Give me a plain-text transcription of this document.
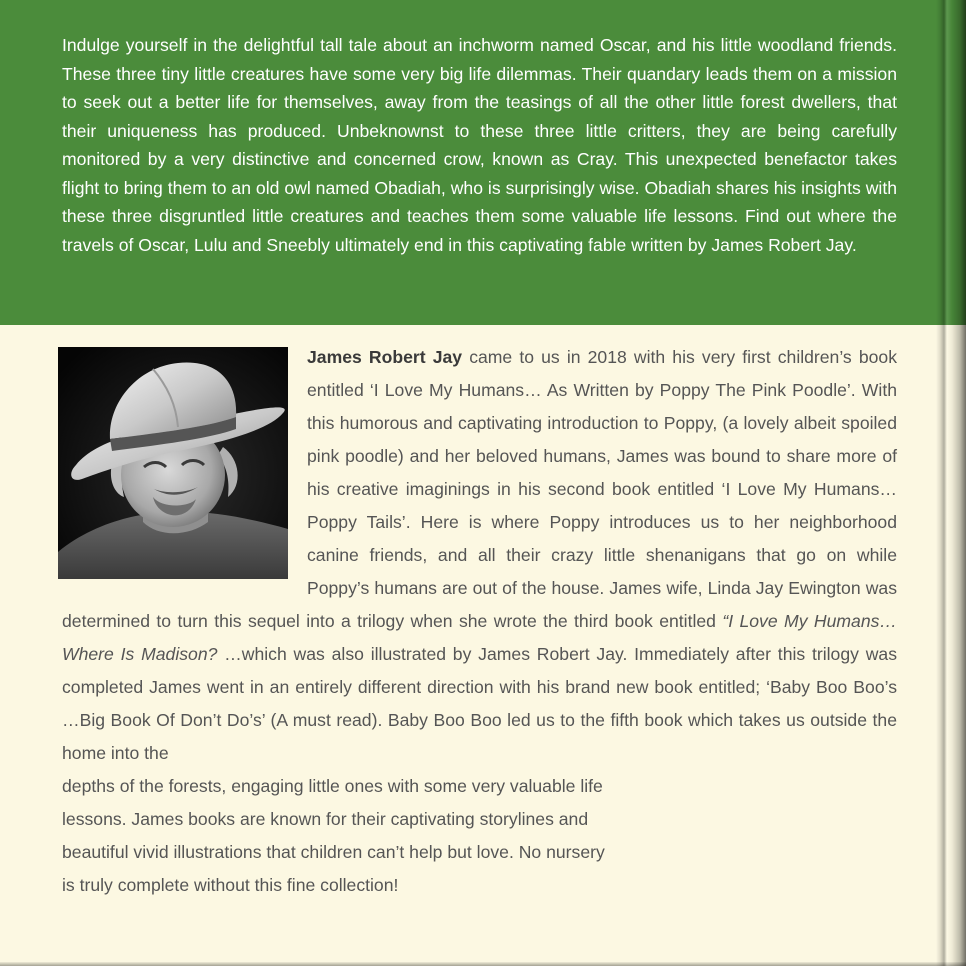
Indulge yourself in the delightful tall tale about an inchworm named Oscar, and his little woodland friends. These three tiny little creatures have some very big life dilemmas. Their quandary leads them on a mission to seek out a better life for themselves, away from the teasings of all the other little forest dwellers, that their uniqueness has produced. Unbeknownst to these three little critters, they are being carefully monitored by a very distinctive and concerned crow, known as Cray. This unexpected benefactor takes flight to bring them to an old owl named Obadiah, who is surprisingly wise. Obadiah shares his insights with these three disgruntled little creatures and teaches them some valuable life lessons. Find out where the travels of Oscar, Lulu and Sneebly ultimately end in this captivating fable written by James Robert Jay.

James Robert Jay came to us in 2018 with his very first children’s book entitled ‘I Love My Humans… As Written by Poppy The Pink Poodle’. With this humorous and captivating introduction to Poppy, (a lovely albeit spoiled pink poodle) and her beloved humans, James was bound to share more of his creative imaginings in his second book entitled ‘I Love My Humans… Poppy Tails’. Here is where Poppy introduces us to her neighborhood canine friends, and all their crazy little shenanigans that go on while Poppy’s humans are out of the house. James wife, Linda Jay Ewington was determined to turn this sequel into a trilogy when she wrote the third book entitled “I Love My Humans… Where Is Madison? …which was also illustrated by James Robert Jay. Immediately after this trilogy was completed James went in an entirely different direction with his brand new book entitled; ‘Baby Boo Boo’s …Big Book Of Don’t Do’s’ (A must read). Baby Boo Boo led us to the fifth book which takes us outside the home into the
depths of the forests, engaging little ones with some very valuable life
lessons. James books are known for their captivating storylines and
beautiful vivid illustrations that children can’t help but love. No nursery
is truly complete without this fine collection!
